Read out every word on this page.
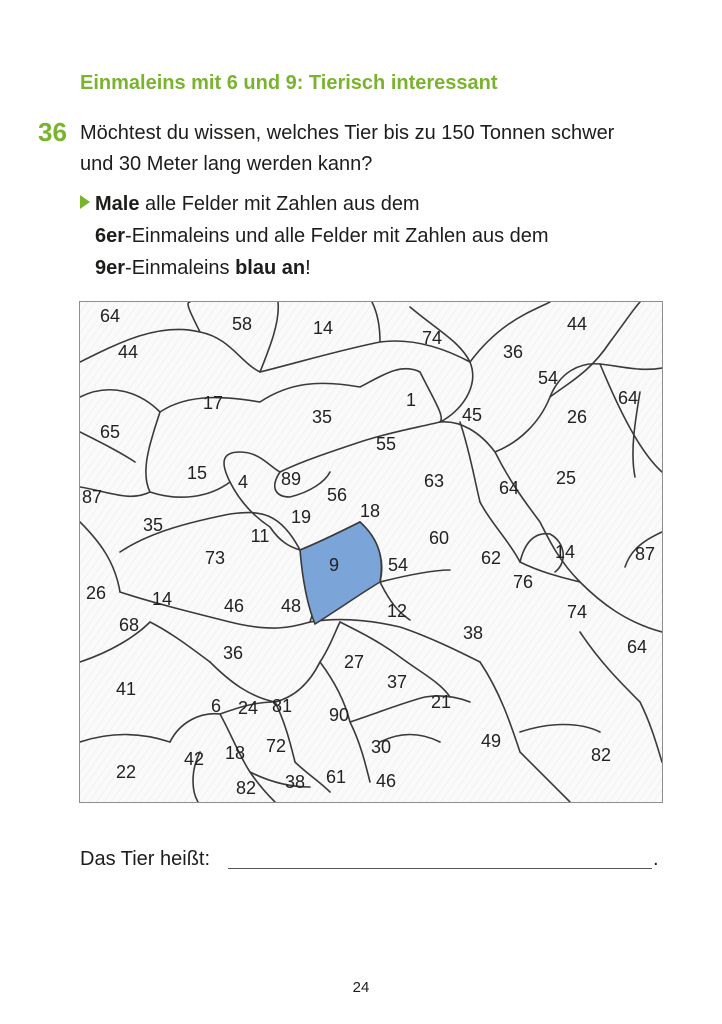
Einmaleins mit 6 und 9: Tierisch interessant
36 Möchtest du wissen, welches Tier bis zu 150 Tonnen schwer
und 30 Meter lang werden kann?
Male alle Felder mit Zahlen aus dem
6er-Einmaleins und alle Felder mit Zahlen aus dem
9er-Einmaleins blau an!
64
44
58	14	74
36
44
54
64
17
35
1
45	26
65
55
15 4 89	63	64 25
87	56
35	19	18
11	60
9	54	62	14	87
73
76
26	14	46 48	12	74
68	38
64
36	27
37
41
21
6 24 81 90
72	30	49
42 18	82
22
82 38 61 46
Das Tier heißt:	.
24
